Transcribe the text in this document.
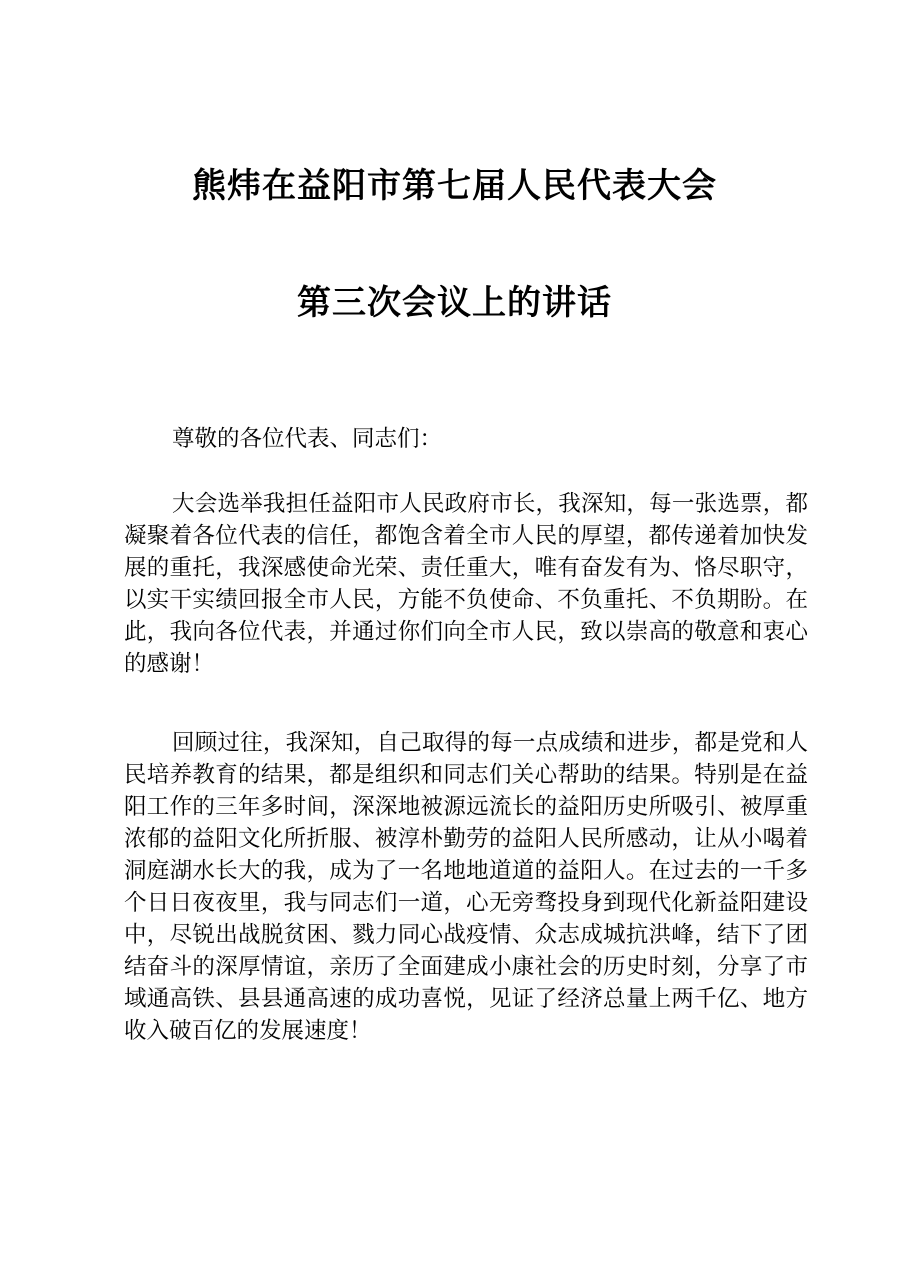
熊炜在益阳市第七届人民代表大会
第三次会议上的讲话
尊敬的各位代表、同志们：
大会选举我担任益阳市人民政府市长，我深知，每一张选票，都凝聚着各位代表的信任，都饱含着全市人民的厚望，都传递着加快发展的重托，我深感使命光荣、责任重大，唯有奋发有为、恪尽职守，以实干实绩回报全市人民，方能不负使命、不负重托、不负期盼。在此，我向各位代表，并通过你们向全市人民，致以崇高的敬意和衷心的感谢！
回顾过往，我深知，自己取得的每一点成绩和进步，都是党和人民培养教育的结果，都是组织和同志们关心帮助的结果。特别是在益阳工作的三年多时间，深深地被源远流长的益阳历史所吸引、被厚重浓郁的益阳文化所折服、被淳朴勤劳的益阳人民所感动，让从小喝着洞庭湖水长大的我，成为了一名地地道道的益阳人。在过去的一千多个日日夜夜里，我与同志们一道，心无旁骛投身到现代化新益阳建设中，尽锐出战脱贫困、戮力同心战疫情、众志成城抗洪峰，结下了团结奋斗的深厚情谊，亲历了全面建成小康社会的历史时刻，分享了市域通高铁、县县通高速的成功喜悦，见证了经济总量上两千亿、地方收入破百亿的发展速度！
